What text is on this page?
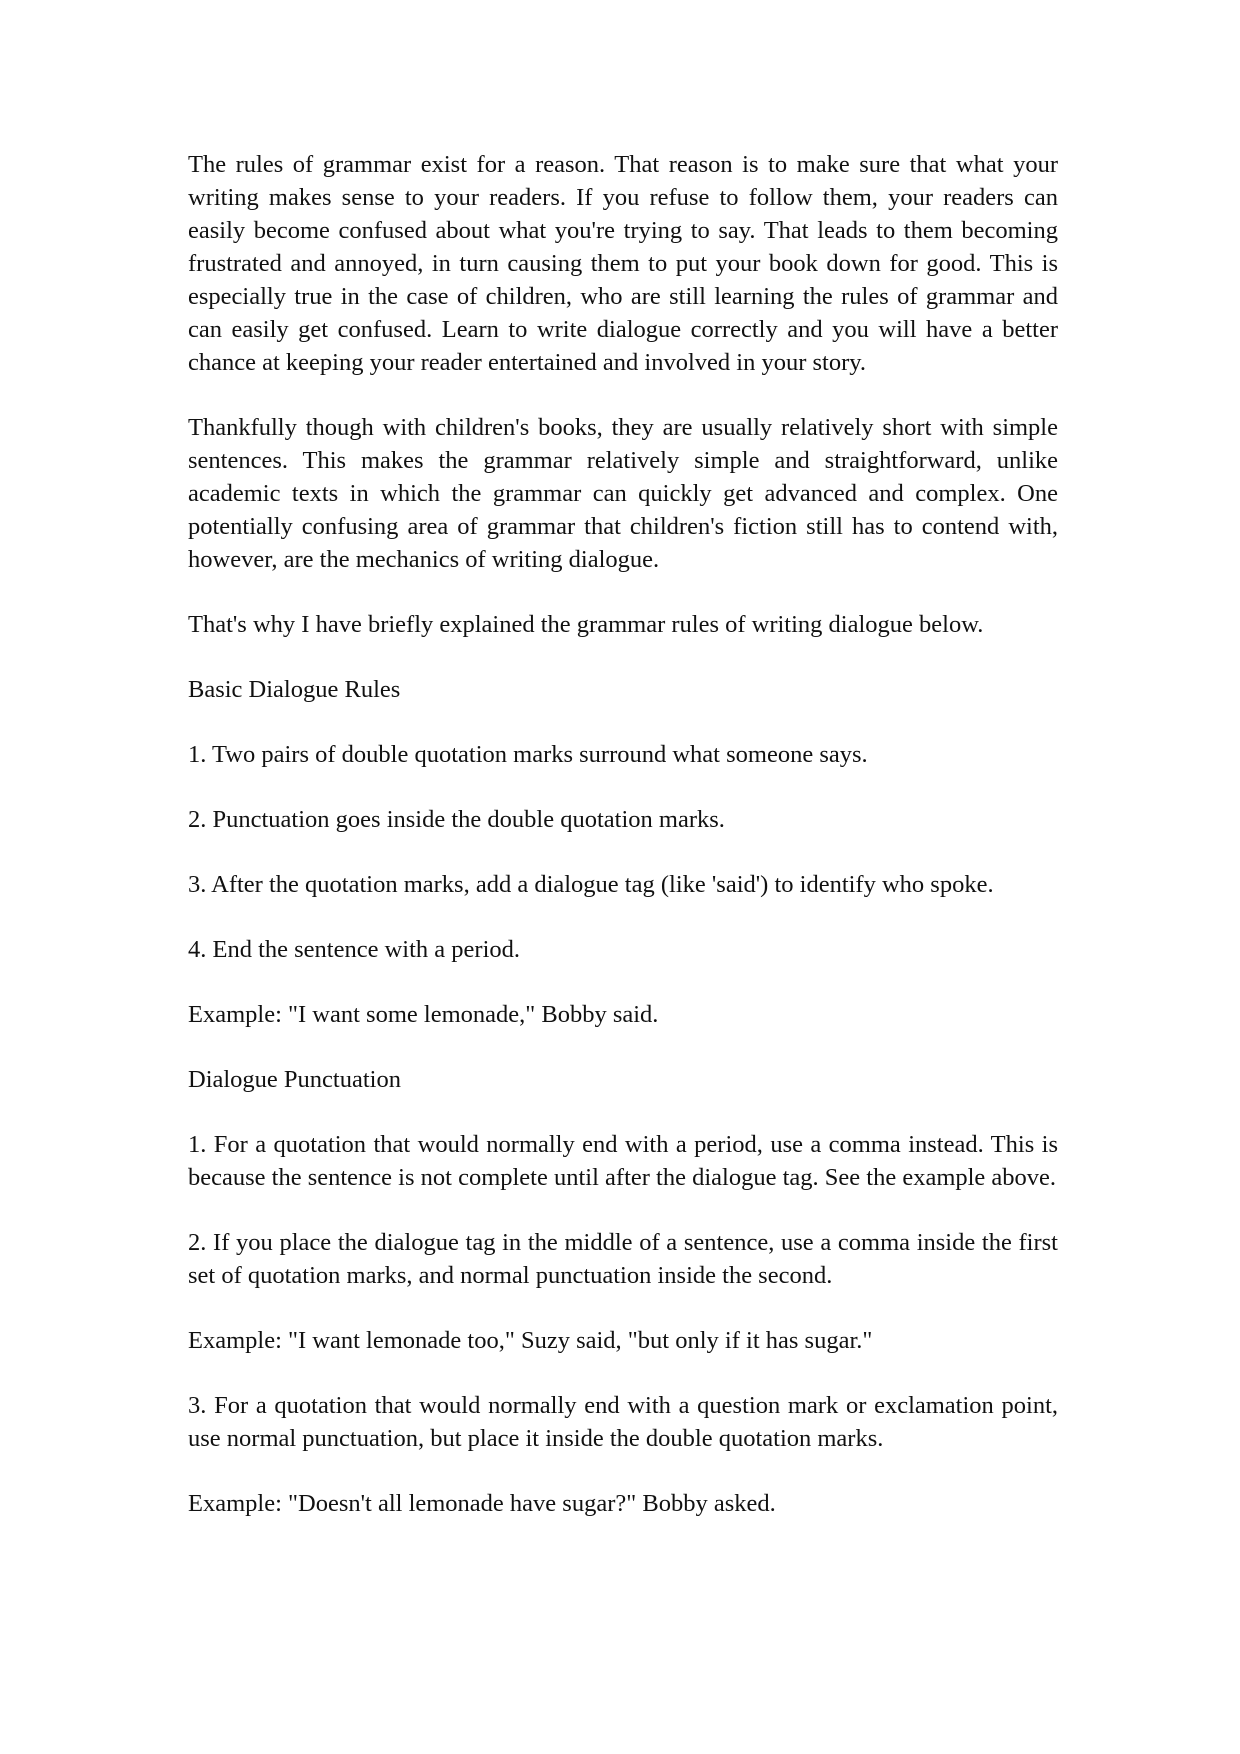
The rules of grammar exist for a reason. That reason is to make sure that what your writing makes sense to your readers. If you refuse to follow them, your readers can easily become confused about what you're trying to say. That leads to them becoming frustrated and annoyed, in turn causing them to put your book down for good. This is especially true in the case of children, who are still learning the rules of grammar and can easily get confused. Learn to write dialogue correctly and you will have a better chance at keeping your reader entertained and involved in your story.

Thankfully though with children's books, they are usually relatively short with simple sentences. This makes the grammar relatively simple and straightforward, unlike academic texts in which the grammar can quickly get advanced and complex. One potentially confusing area of grammar that children's fiction still has to contend with, however, are the mechanics of writing dialogue.

That's why I have briefly explained the grammar rules of writing dialogue below.

Basic Dialogue Rules

1. Two pairs of double quotation marks surround what someone says.

2. Punctuation goes inside the double quotation marks.

3. After the quotation marks, add a dialogue tag (like 'said') to identify who spoke.

4. End the sentence with a period.

Example: "I want some lemonade," Bobby said.

Dialogue Punctuation

1. For a quotation that would normally end with a period, use a comma instead. This is because the sentence is not complete until after the dialogue tag. See the example above.

2. If you place the dialogue tag in the middle of a sentence, use a comma inside the first set of quotation marks, and normal punctuation inside the second.

Example: "I want lemonade too," Suzy said, "but only if it has sugar."

3. For a quotation that would normally end with a question mark or exclamation point, use normal punctuation, but place it inside the double quotation marks.

Example: "Doesn't all lemonade have sugar?" Bobby asked.
